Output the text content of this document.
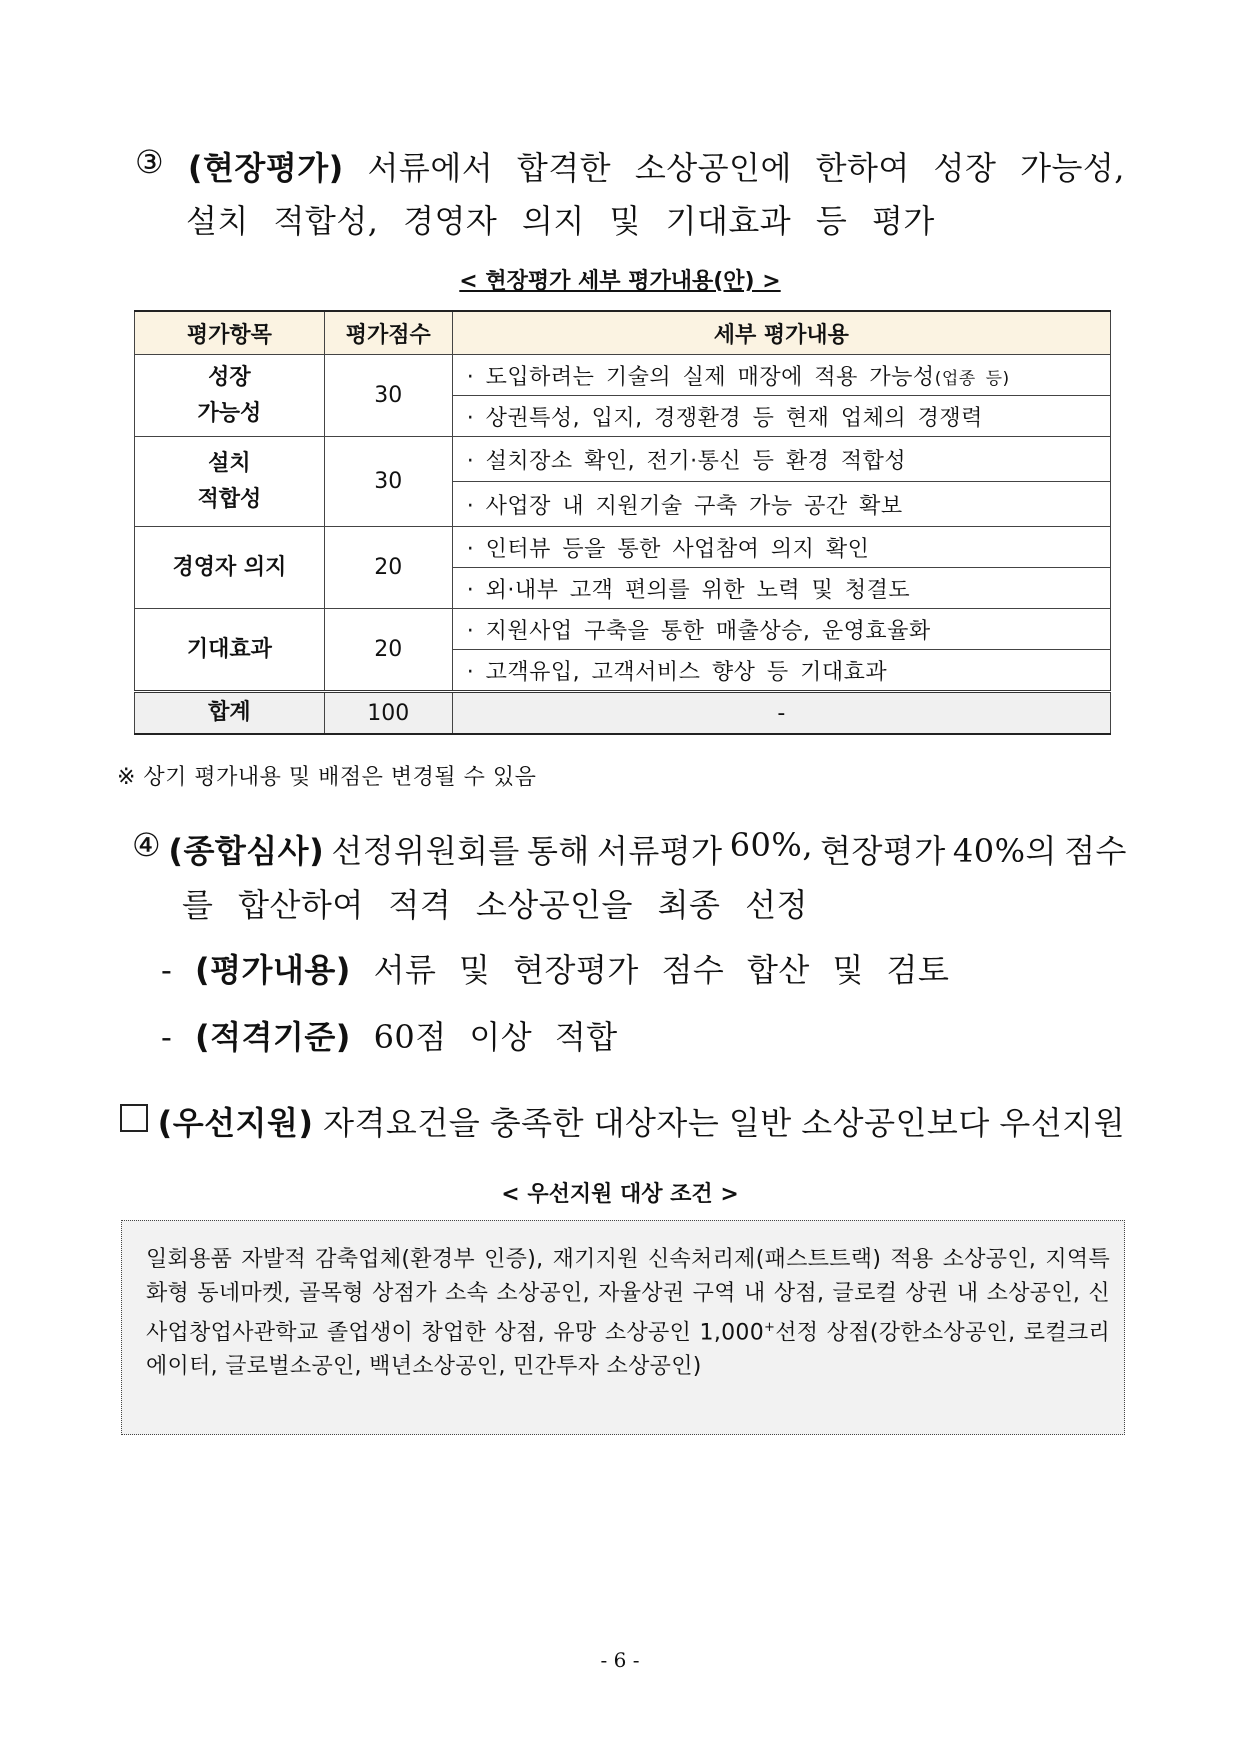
③ (현장평가) 서류에서 합격한 소상공인에 한하여 성장 가능성,
설치 적합성, 경영자 의지 및 기대효과 등 평가
< 현장평가 세부 평가내용(안) >
평가항목	평가점수	세부 평가내용

성장
가능성	30	· 도입하려는 기술의 실제 매장에 적용 가능성(업종 등)
		· 상권특성, 입지, 경쟁환경 등 현재 업체의 경쟁력

설치
적합성	30	· 설치장소 확인, 전기·통신 등 환경 적합성
		· 사업장 내 지원기술 구축 가능 공간 확보
경영자 의지	20	· 인터뷰 등을 통한 사업참여 의지 확인
		· 외·내부 고객 편의를 위한 노력 및 청결도
기대효과	20	· 지원사업 구축을 통한 매출상승, 운영효율화
		· 고객유입, 고객서비스 향상 등 기대효과
합계	100	-
※ 상기 평가내용 및 배점은 변경될 수 있음
④ (종합심사) 선정위원회를 통해 서류평가 60%, 현장평가 40%의 점수
를 합산하여 적격 소상공인을 최종 선정
- (평가내용) 서류 및 현장평가 점수 합산 및 검토
- (적격기준) 60점 이상 적합
(우선지원) 자격요건을 충족한 대상자는 일반 소상공인보다 우선지원
< 우선지원 대상 조건 >
일회용품 자발적 감축업체(환경부 인증), 재기지원 신속처리제(패스트트랙) 적용 소상공인, 지역특화형 동네마켓, 골목형 상점가 소속 소상공인, 자율상권 구역 내 상점, 글로컬 상권 내 소상공인, 신사업창업사관학교 졸업생이 창업한 상점, 유망 소상공인 1,000+선정 상점(강한소상공인, 로컬크리에이터, 글로벌소공인, 백년소상공인, 민간투자 소상공인)
- 6 -
